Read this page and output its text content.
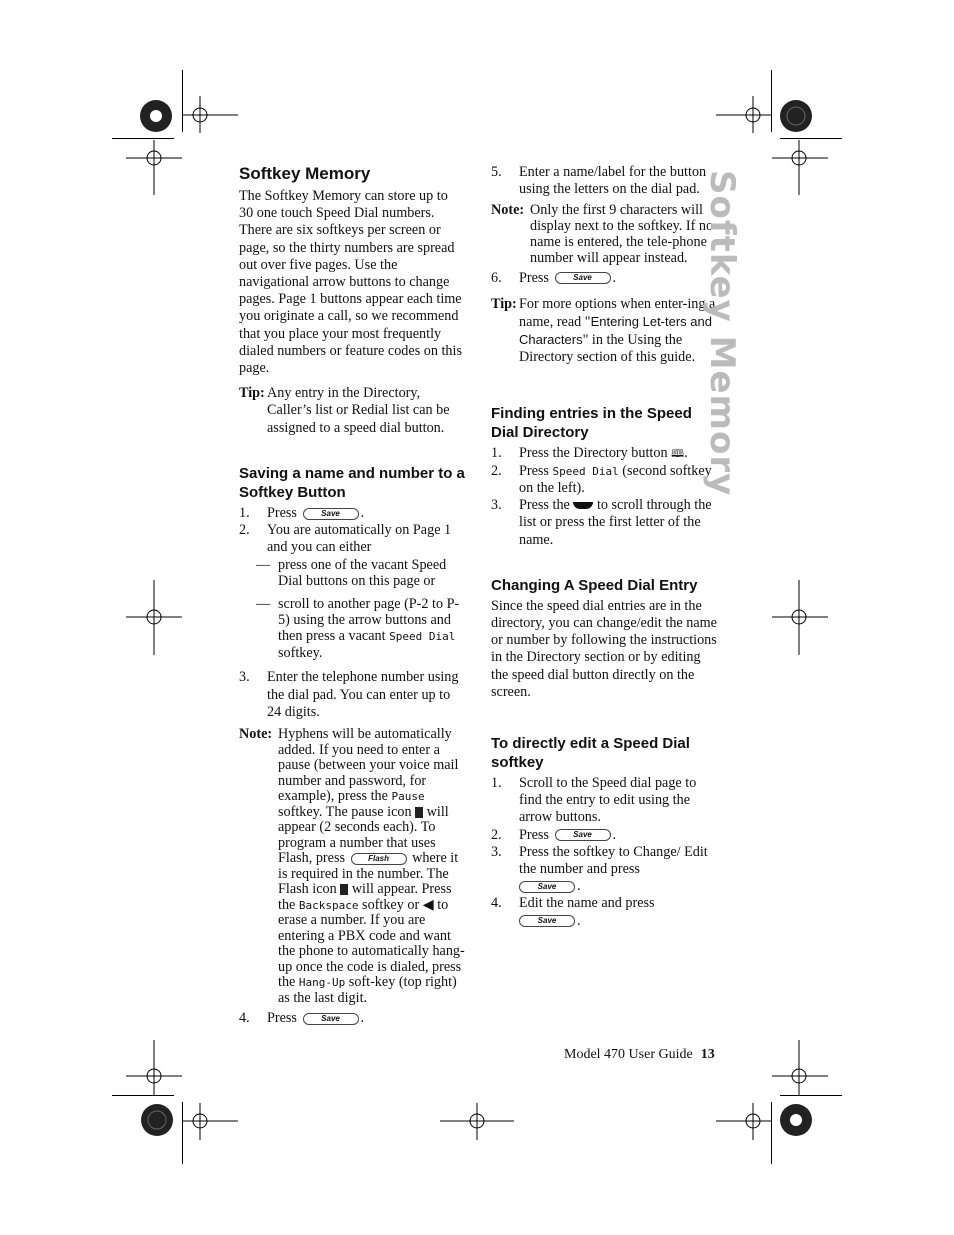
Softkey Memory

The Softkey Memory can store up to 30 one touch Speed Dial numbers. There are six softkeys per screen or page, so the thirty numbers are spread out over five pages. Use the navigational arrow buttons to change pages. Page 1 buttons appear each time you originate a call, so we recommend that you place your most frequently dialed numbers or feature codes on this page.

Tip: Any entry in the Directory, Caller’s list or Redial list can be assigned to a speed dial button.
Saving a name and number to a Softkey Button
1. Press	Save .
2. You are automatically on Page 1 and you can either
— press one of the vacant Speed Dial buttons on this page or
— scroll to another page (P-2 to P-5) using the arrow buttons and then press a vacant Speed Dial softkey.
3. Enter the telephone number using the dial pad. You can enter up to 24 digits.
Note: Hyphens will be automatically added. If you need to enter a pause (between your voice mail number and password, for example), press the Pause softkey. The pause icon will appear (2 seconds each). To program a number that uses Flash, press	Flash where it is required in the number. The Flash icon will appear. Press the Backspace softkey or ◀ to erase a number. If you are entering a PBX code and want the phone to automatically hang-up once the code is dialed, press the Hang-Up soft-key (top right) as the last digit.
4. Press	Save .
5. Enter a name/label for the button using the letters on the dial pad.
Note: Only the first 9 characters will display next to the softkey. If no name is entered, the tele-phone number will appear instead.
6. Press	Save .
Tip: For more options when enter-ing a name, read "Entering Let-ters and Characters" in the Using the Directory section of this guide.
Finding entries in the Speed Dial Directory
1. Press the Directory button 🕮.
2. Press Speed Dial (second softkey on the left).
3. Press the to scroll through the list or press the first letter of the name.
Changing A Speed Dial Entry

Since the speed dial entries are in the directory, you can change/edit the name or number by following the instructions in the Directory section or by editing the speed dial button directly on the screen.

To directly edit a Speed Dial softkey
1. Scroll to the Speed dial page to find the entry to edit using the arrow buttons.
2. Press	Save .
3. Press the softkey to Change/ Edit the number and press
Save .
4. Edit the name and press
Save .
Softkey Memory
Model 470 User Guide 13
